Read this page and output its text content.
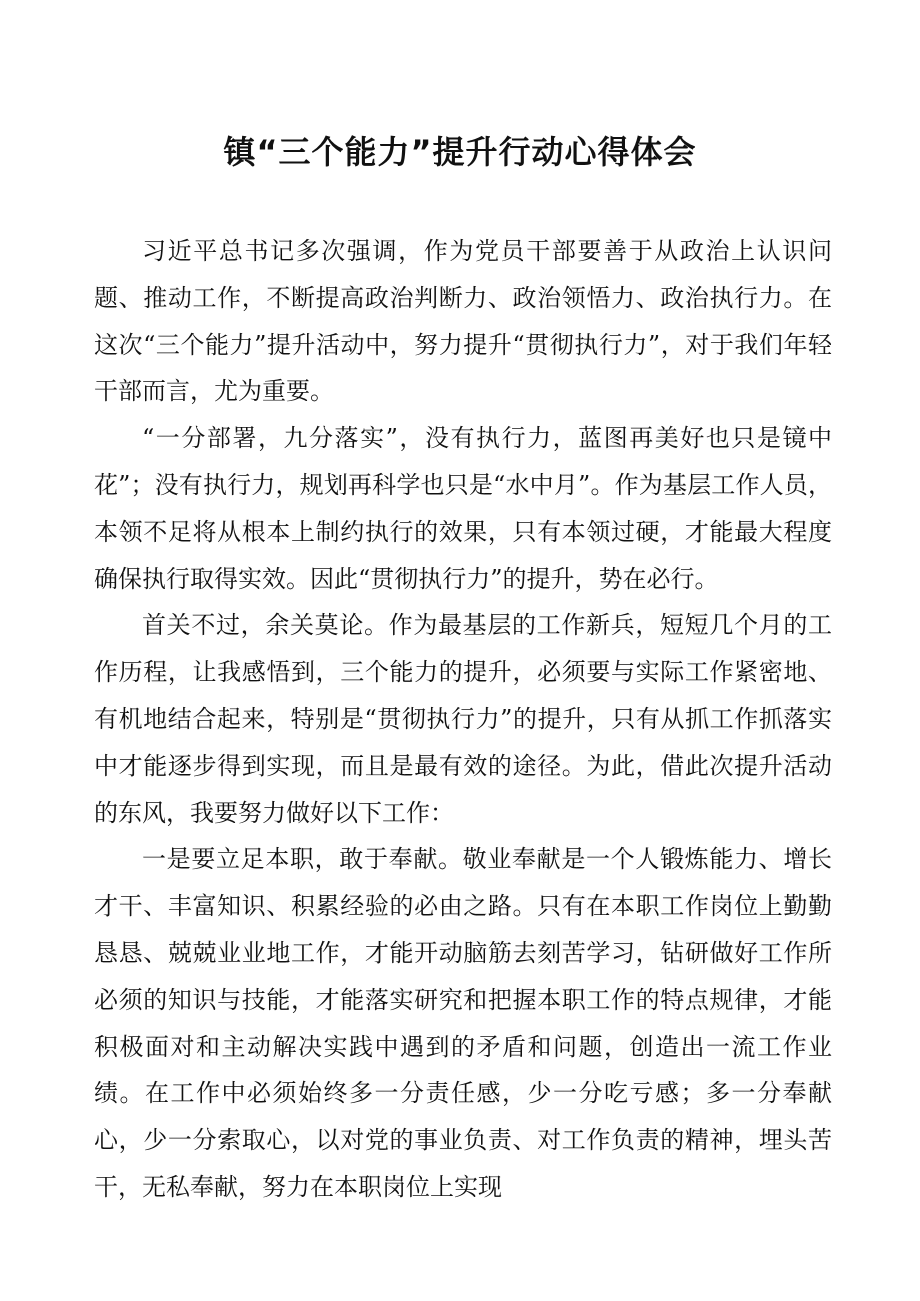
镇“三个能力”提升行动心得体会

习近平总书记多次强调，作为党员干部要善于从政治上认识问题、推动工作，不断提高政治判断力、政治领悟力、政治执行力。在这次“三个能力”提升活动中，努力提升“贯彻执行力”，对于我们年轻干部而言，尤为重要。

“一分部署，九分落实”，没有执行力，蓝图再美好也只是镜中花”；没有执行力，规划再科学也只是“水中月”。作为基层工作人员，本领不足将从根本上制约执行的效果，只有本领过硬，才能最大程度确保执行取得实效。因此“贯彻执行力”的提升，势在必行。

首关不过，余关莫论。作为最基层的工作新兵，短短几个月的工作历程，让我感悟到，三个能力的提升，必须要与实际工作紧密地、有机地结合起来，特别是“贯彻执行力”的提升，只有从抓工作抓落实中才能逐步得到实现，而且是最有效的途径。为此，借此次提升活动的东风，我要努力做好以下工作：

一是要立足本职，敢于奉献。敬业奉献是一个人锻炼能力、增长才干、丰富知识、积累经验的必由之路。只有在本职工作岗位上勤勤恳恳、兢兢业业地工作，才能开动脑筋去刻苦学习，钻研做好工作所必须的知识与技能，才能落实研究和把握本职工作的特点规律，才能积极面对和主动解决实践中遇到的矛盾和问题，创造出一流工作业绩。在工作中必须始终多一分责任感，少一分吃亏感；多一分奉献心，少一分索取心，以对党的事业负责、对工作负责的精神，埋头苦干，无私奉献，努力在本职岗位上实现
